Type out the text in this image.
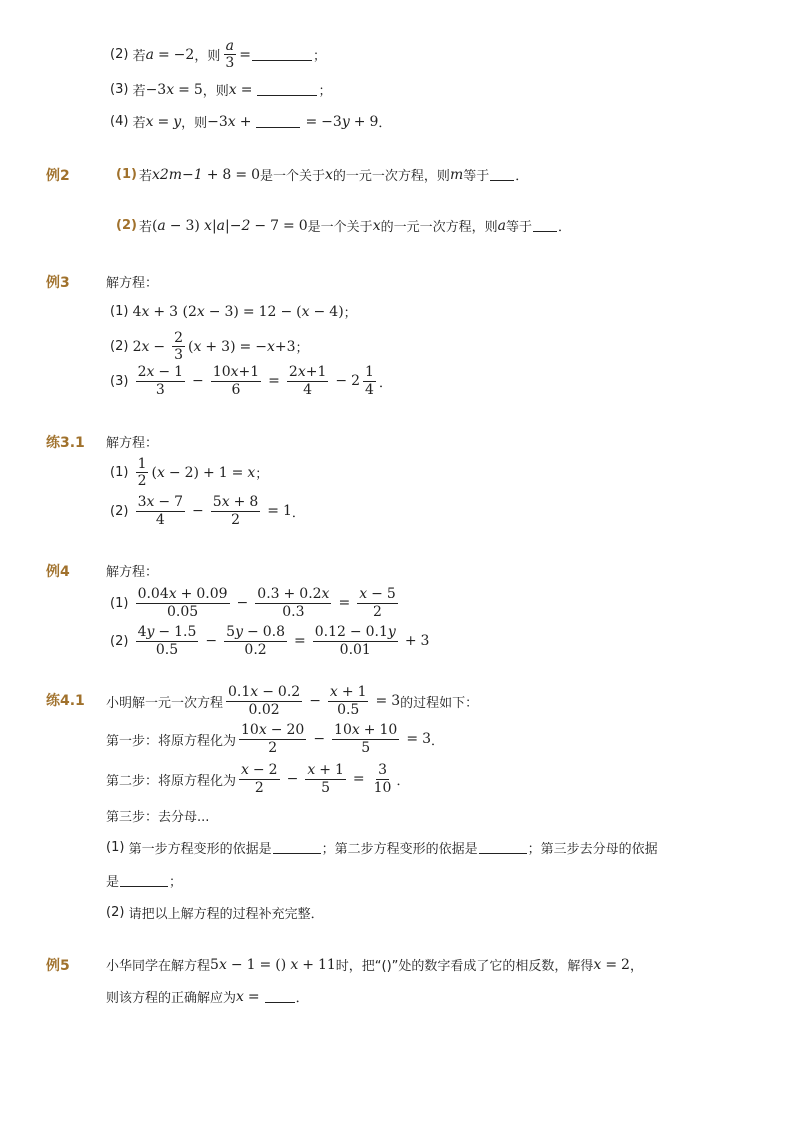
(2)
若 a = −2 ，则 $\frac{a}{3}$ =	；
(3)
若 −3 x = 5 ，则 x =	；
(4)
若 x = y ，则 −3 x +	= −3 y + 9 ．
例2	(1) 若 x 2m−1 + 8 = 0 是一个关于 x 的一元一次方程，则 m 等于 ．
(2) 若 ( a − 3)
x |a|−2 − 7 = 0 是一个关于 x 的一元一次方程，则 a 等于 ．
例3	解方程：
(1)
4 x + 3 (2 x − 3) = 12 − ( x − 4) ；
(2)
2 $x - \frac{2}{3}$ ( x + 3) = − x +3 ；
(3)
$\frac{2x - 1}{3} - \frac{10x+1}{6} = \frac{2x+1}{4} - 2 \frac{1}{4}$ ．
练3.1 解方程：
(1)
$\frac{1}{2}$ ( x − 2) + 1 = x ；
(2)
$\frac{3x - 7}{4} - \frac{5x + 8}{2} = 1$ ．
例4	解方程：
(1)
$\frac{0.04x + 0.09}{0.05} - \frac{0.3 + 0.2x}{0.3} = \frac{x - 5}{2}$
(2)
$\frac{4y - 1.5}{0.5} - \frac{5y - 0.8}{0.2} = \frac{0.12 - 0.1y}{0.01} + 3$
练4.1 小明解一元一次方程 $\frac{0.1x - 0.2}{0.02} - \frac{x + 1}{0.5} = 3$ 的过程如下：
第一步：将原方程化为 $\frac{10x - 20}{2} - \frac{10x + 10}{5} = 3$ ．
第二步：将原方程化为 $\frac{x - 2}{2} - \frac{x + 1}{5} = \frac{3}{10}$ ．
第三步：去分母...
(1)
第一步方程变形的依据是	；第二步方程变形的依据是	；第三步去分母的依据
是	；
(2)
请把以上解方程的过程补充完整．
例5	小华同学在解方程 5 x − 1 = ()
x + 11 时，把“()”处的数字看成了它的相反数，解得 x = 2 ，
则该方程的正确解应为 x =	．
